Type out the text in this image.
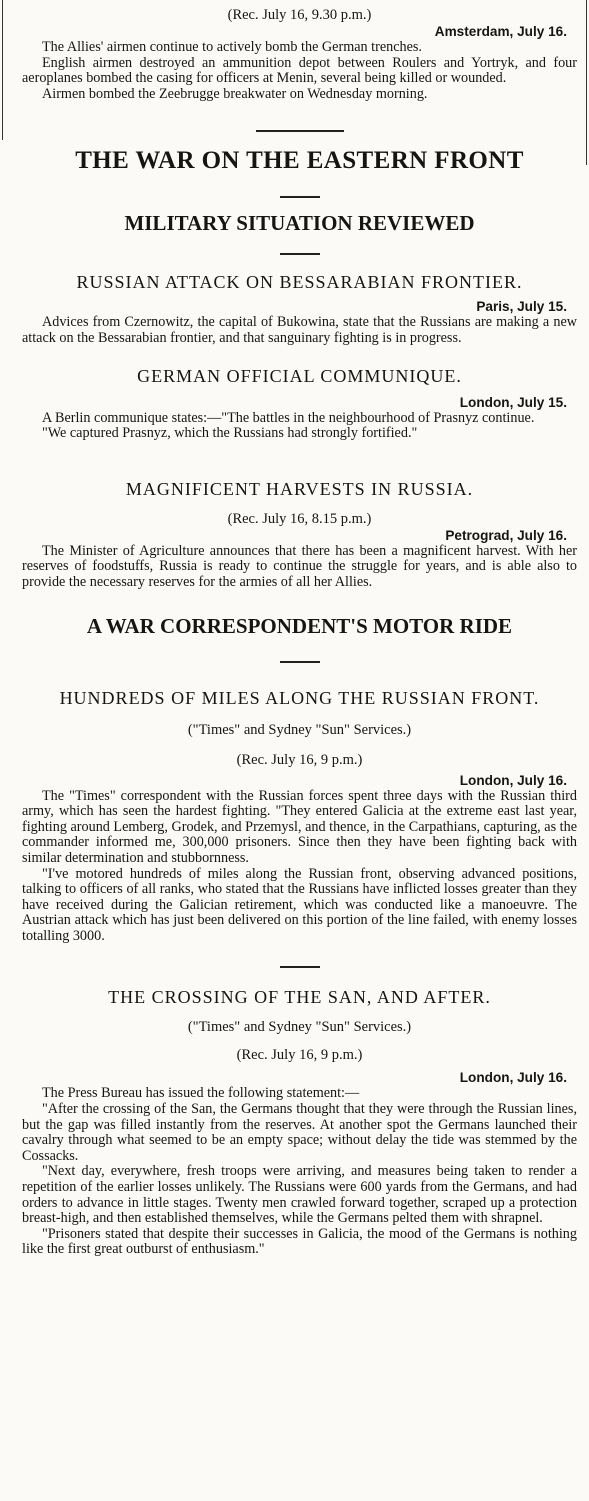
(Rec. July 16, 9.30 p.m.)
Amsterdam, July 16.

The Allies' airmen continue to actively bomb the German trenches.

English airmen destroyed an ammunition depot between Roulers and Yortryk, and four aeroplanes bombed the casing for officers at Menin, several being killed or wounded.

Airmen bombed the Zeebrugge breakwater on Wednesday morning.

THE WAR ON THE EASTERN FRONT
MILITARY SITUATION REVIEWED
RUSSIAN ATTACK ON BESSARABIAN FRONTIER.
Paris, July 15.

Advices from Czernowitz, the capital of Bukowina, state that the Russians are making a new attack on the Bessarabian frontier, and that sanguinary fighting is in progress.

GERMAN OFFICIAL COMMUNIQUE.
London, July 15.

A Berlin communique states:—"The battles in the neighbourhood of Prasnyz continue.

"We captured Prasnyz, which the Russians had strongly fortified."

MAGNIFICENT HARVESTS IN RUSSIA.
(Rec. July 16, 8.15 p.m.)
Petrograd, July 16.

The Minister of Agriculture announces that there has been a magnificent harvest. With her reserves of foodstuffs, Russia is ready to continue the struggle for years, and is able also to provide the necessary reserves for the armies of all her Allies.

A WAR CORRESPONDENT'S MOTOR RIDE
HUNDREDS OF MILES ALONG THE RUSSIAN FRONT.
("Times" and Sydney "Sun" Services.)
(Rec. July 16, 9 p.m.)
London, July 16.

The "Times" correspondent with the Russian forces spent three days with the Russian third army, which has seen the hardest fighting. "They entered Galicia at the extreme east last year, fighting around Lemberg, Grodek, and Przemysl, and thence, in the Carpathians, capturing, as the commander informed me, 300,000 prisoners. Since then they have been fighting back with similar determination and stubbornness.

"I've motored hundreds of miles along the Russian front, observing advanced positions, talking to officers of all ranks, who stated that the Russians have inflicted losses greater than they have received during the Galician retirement, which was conducted like a manoeuvre. The Austrian attack which has just been delivered on this portion of the line failed, with enemy losses totalling 3000.

THE CROSSING OF THE SAN, AND AFTER.
("Times" and Sydney "Sun" Services.)
(Rec. July 16, 9 p.m.)
London, July 16.

The Press Bureau has issued the following statement:—

"After the crossing of the San, the Germans thought that they were through the Russian lines, but the gap was filled instantly from the reserves. At another spot the Germans launched their cavalry through what seemed to be an empty space; without delay the tide was stemmed by the Cossacks.

"Next day, everywhere, fresh troops were arriving, and measures being taken to render a repetition of the earlier losses unlikely. The Russians were 600 yards from the Germans, and had orders to advance in little stages. Twenty men crawled forward together, scraped up a protection breast-high, and then established themselves, while the Germans pelted them with shrapnel.

"Prisoners stated that despite their successes in Galicia, the mood of the Germans is nothing like the first great outburst of enthusiasm."
